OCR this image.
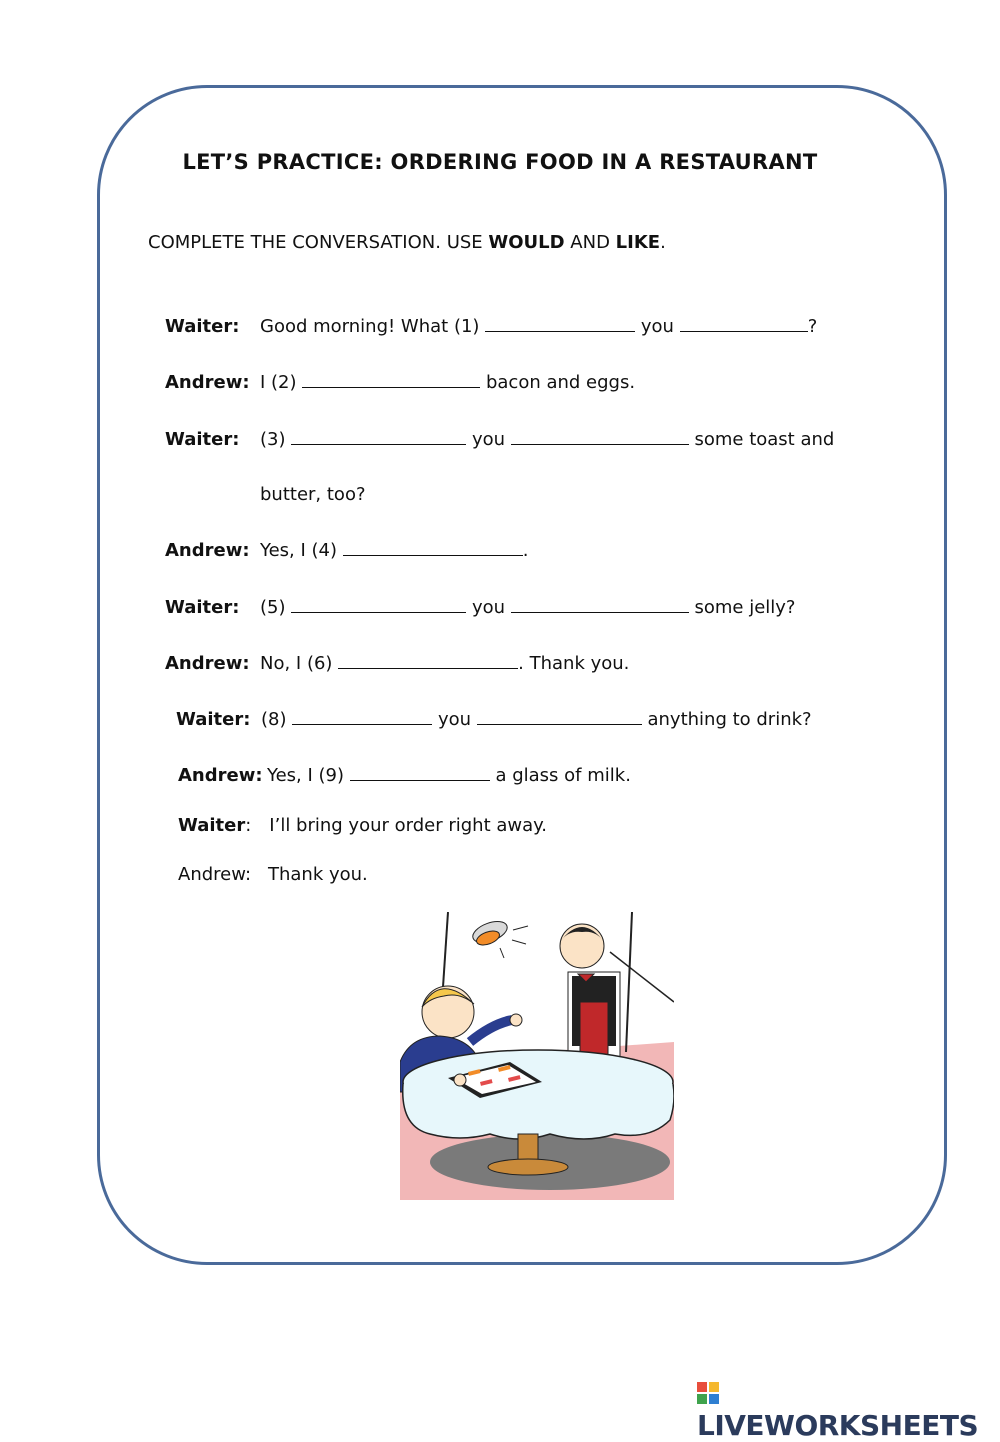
LET’S PRACTICE: ORDERING FOOD IN A RESTAURANT
COMPLETE THE CONVERSATION. USE WOULD AND LIKE.
Waiter: Good morning! What (1)	you	?
Andrew: I (2)	bacon and eggs.
Waiter: (3)	you	some toast and
butter, too?
Andrew: Yes, I (4)	.
Waiter: (5)	you	some jelly?
Andrew: No, I (6)	. Thank you.
Waiter: (8)	you	anything to drink?
Andrew: Yes, I (9)	a glass of milk.
Waiter: I’ll bring your order right away.
Andrew: Thank you.
LIVEWORKSHEETS
